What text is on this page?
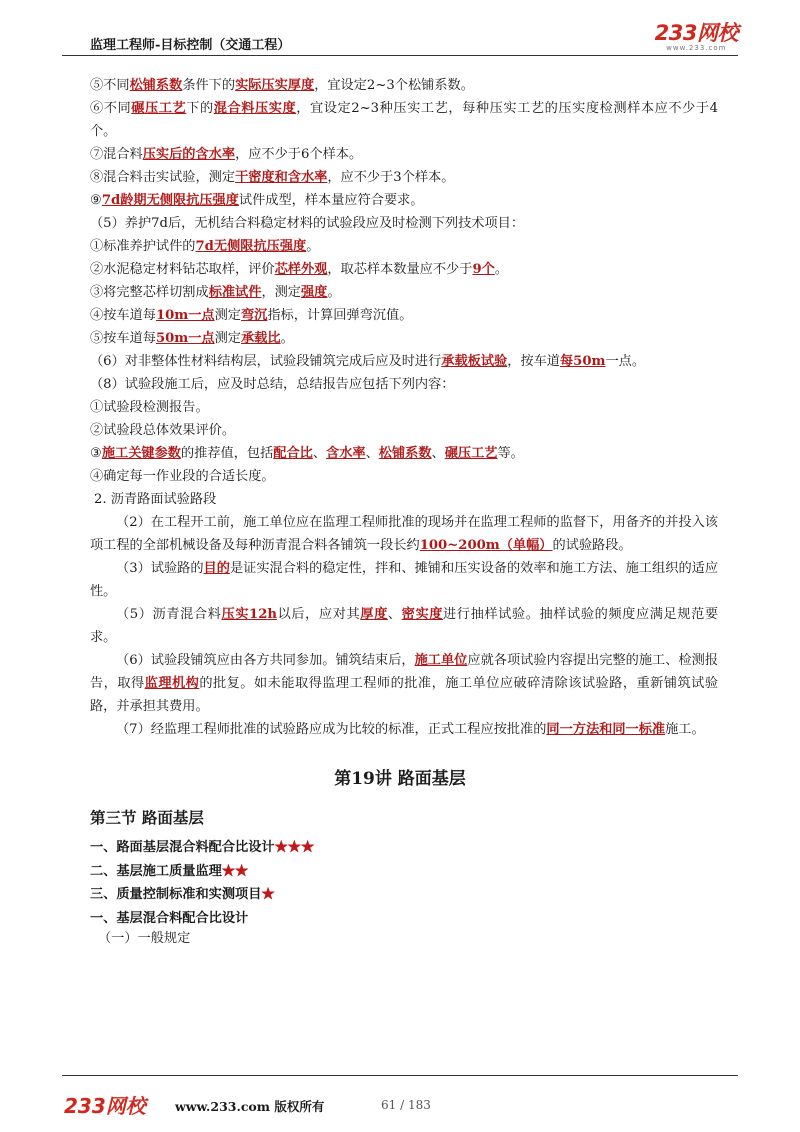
监理工程师-目标控制（交通工程）
233网校
www.233.com
⑤不同松铺系数条件下的实际压实厚度，宜设定2~3个松铺系数。
⑥不同碾压工艺下的混合料压实度，宜设定2~3种压实工艺，每种压实工艺的压实度检测样本应不少于4个。
⑦混合料压实后的含水率，应不少于6个样本。
⑧混合料击实试验，测定干密度和含水率，应不少于3个样本。
⑨7d龄期无侧限抗压强度试件成型，样本量应符合要求。
（5）养护7d后，无机结合料稳定材料的试验段应及时检测下列技术项目：
①标准养护试件的7d无侧限抗压强度。
②水泥稳定材料钻芯取样，评价芯样外观，取芯样本数量应不少于9个。
③将完整芯样切割成标准试件，测定强度。
④按车道每10m一点测定弯沉指标，计算回弹弯沉值。
⑤按车道每50m一点测定承载比。
（6）对非整体性材料结构层，试验段铺筑完成后应及时进行承载板试验，按车道每50m一点。
（8）试验段施工后，应及时总结，总结报告应包括下列内容：
①试验段检测报告。
②试验段总体效果评价。
③施工关键参数的推荐值，包括配合比、含水率、松铺系数、碾压工艺等。
④确定每一作业段的合适长度。
2. 沥青路面试验路段
（2）在工程开工前，施工单位应在监理工程师批准的现场并在监理工程师的监督下，用备齐的并投入该项工程的全部机械设备及每种沥青混合料各铺筑一段长约100~200m（单幅）的试验路段。
（3）试验路的目的是证实混合料的稳定性，拌和、摊铺和压实设备的效率和施工方法、施工组织的适应性。
（5）沥青混合料压实12h以后，应对其厚度、密实度进行抽样试验。抽样试验的频度应满足规范要求。
（6）试验段铺筑应由各方共同参加。铺筑结束后，施工单位应就各项试验内容提出完整的施工、检测报告，取得监理机构的批复。如未能取得监理工程师的批准，施工单位应破碎清除该试验路，重新铺筑试验路，并承担其费用。
（7）经监理工程师批准的试验路应成为比较的标准，正式工程应按批准的同一方法和同一标准施工。
第19讲 路面基层
第三节 路面基层
一、路面基层混合料配合比设计★★★
二、基层施工质量监理★★
三、质量控制标准和实测项目★
一、基层混合料配合比设计
（一）一般规定
233网校 www.233.com 版权所有	61 / 183
